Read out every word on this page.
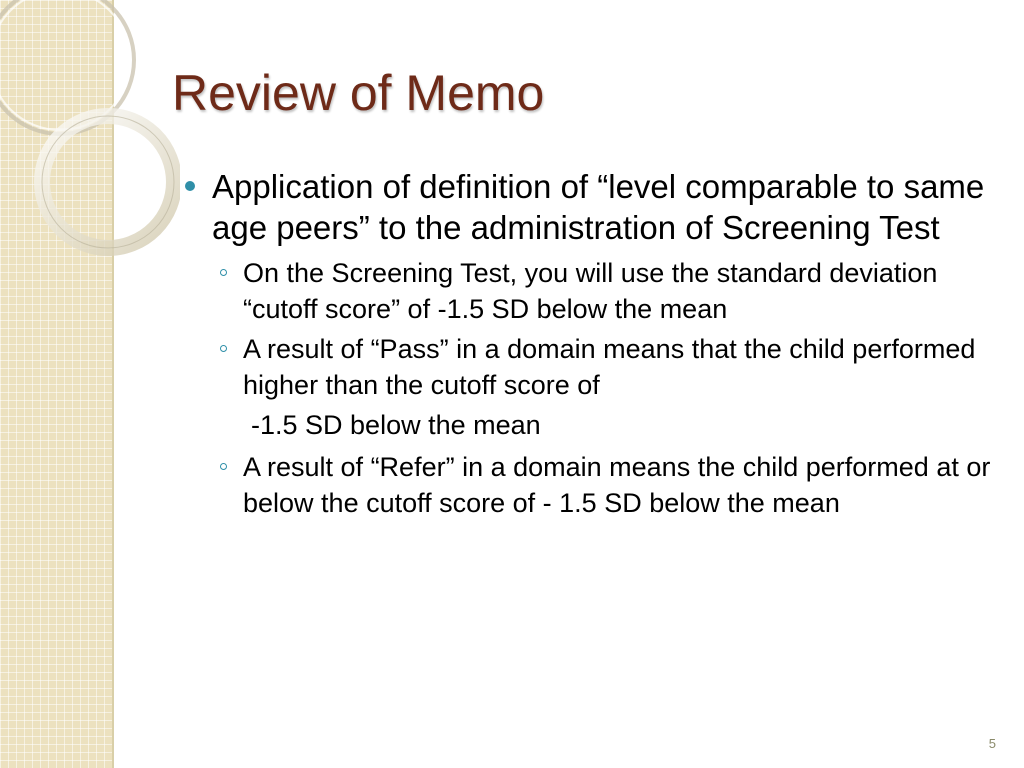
Review of Memo
Application of definition of “level comparable to same age peers” to the administration of Screening Test
On the Screening Test, you will use the standard deviation “cutoff score” of -1.5 SD below the mean
A result of “Pass” in a domain means that the child performed higher than the cutoff score of
-1.5 SD below the mean
A result of “Refer” in a domain means the child performed at or below the cutoff score of - 1.5 SD below the mean
5
